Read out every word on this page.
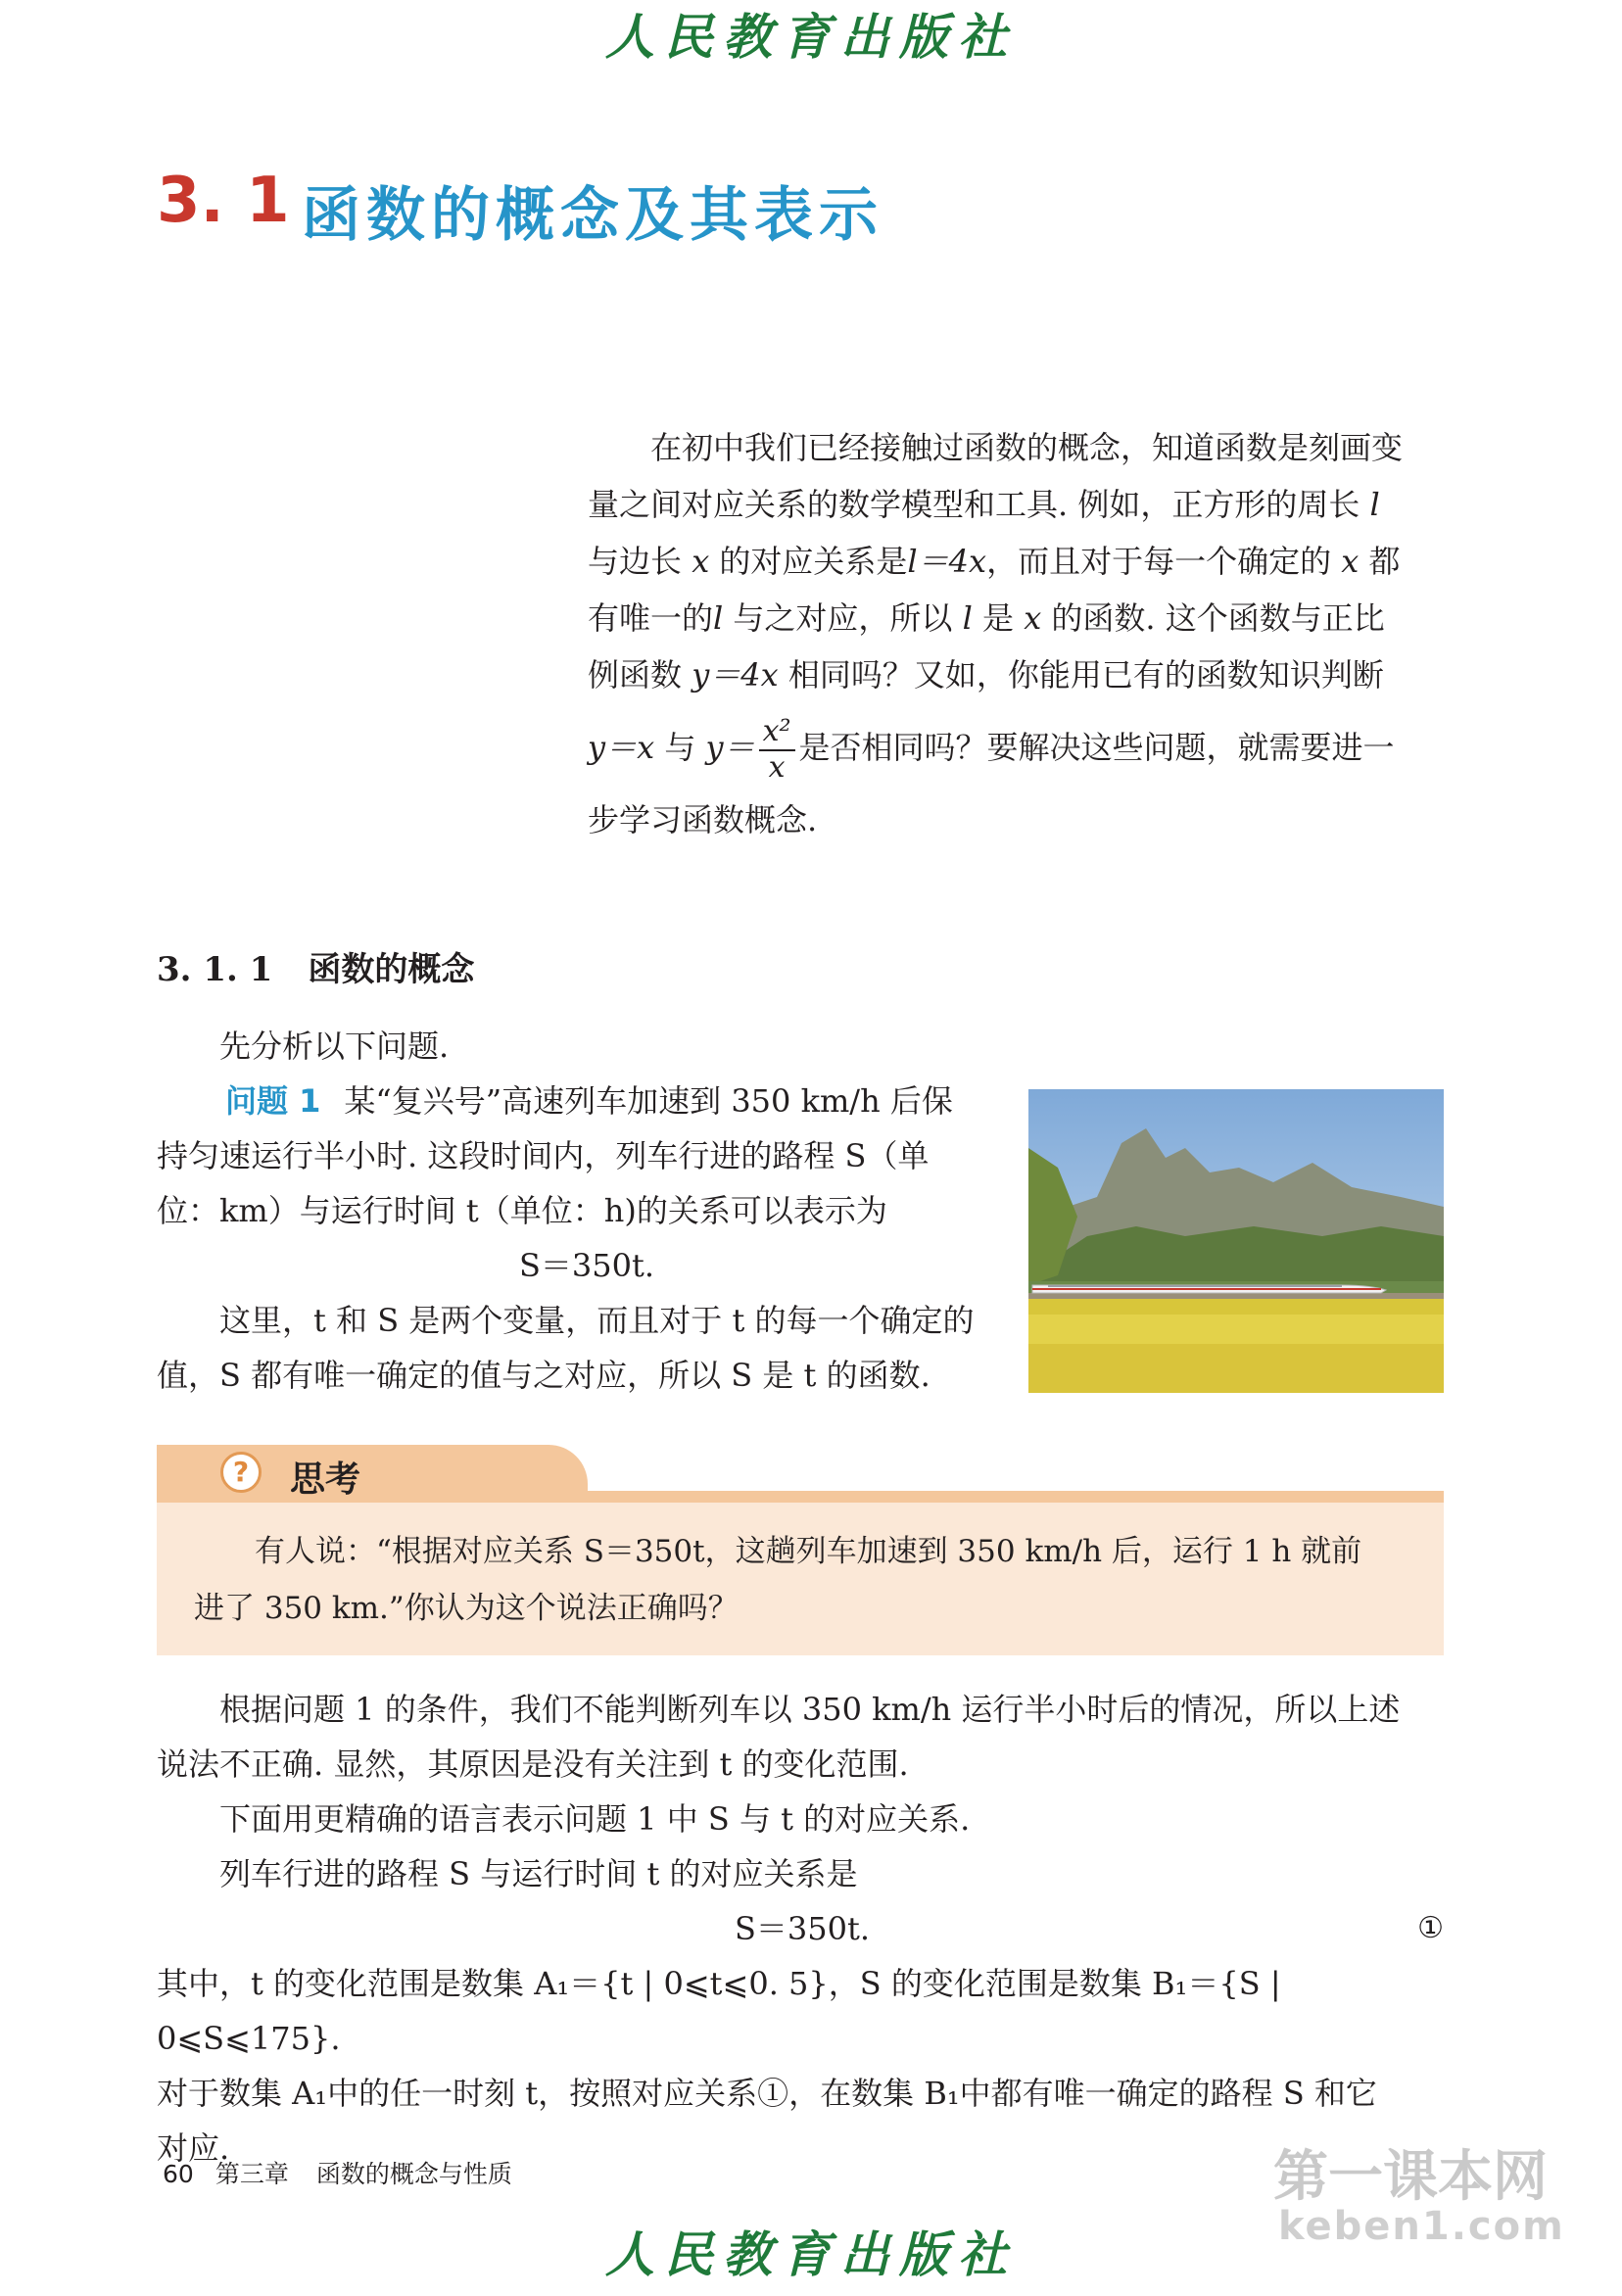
人民教育出版社
3. 1 函数的概念及其表示

在初中我们已经接触过函数的概念，知道函数是刻画变

量之间对应关系的数学模型和工具. 例如，正方形的周长 l

与边长 x 的对应关系是l＝4x，而且对于每一个确定的 x 都

有唯一的l 与之对应，所以 l 是 x 的函数. 这个函数与正比

例函数 y＝4x 相同吗？又如，你能用已有的函数知识判断

y＝x 与 $y= \frac{\text{x²}}{x}$ 是否相同吗？要解决这些问题，就需要进一

步学习函数概念.

3. 1. 1 函数的概念
先分析以下问题.
问题 1 某“复兴号”高速列车加速到 350 km/h 后保
持匀速运行半小时. 这段时间内，列车行进的路程 S（单
位：km）与运行时间 t（单位：h)的关系可以表示为
S＝350t.
这里，t 和 S 是两个变量，而且对于 t 的每一个确定的
值，S 都有唯一确定的值与之对应，所以 S 是 t 的函数.
?	思考
有人说：“根据对应关系 S＝350t，这趟列车加速到 350 km/h 后，运行 1 h 就前
进了 350 km.”你认为这个说法正确吗？
根据问题 1 的条件，我们不能判断列车以 350 km/h 运行半小时后的情况，所以上述
说法不正确. 显然，其原因是没有关注到 t 的变化范围.
下面用更精确的语言表示问题 1 中 S 与 t 的对应关系.
列车行进的路程 S 与运行时间 t 的对应关系是
S＝350t.	①
其中，t 的变化范围是数集 A₁＝{t | 0⩽t⩽0. 5}，S 的变化范围是数集 B₁＝{S | 0⩽S⩽175}.
对于数集 A₁中的任一时刻 t，按照对应关系①，在数集 B₁中都有唯一确定的路程 S 和它
对应.
60 第三章 函数的概念与性质	第一课本网
keben1.com
人民教育出版社
